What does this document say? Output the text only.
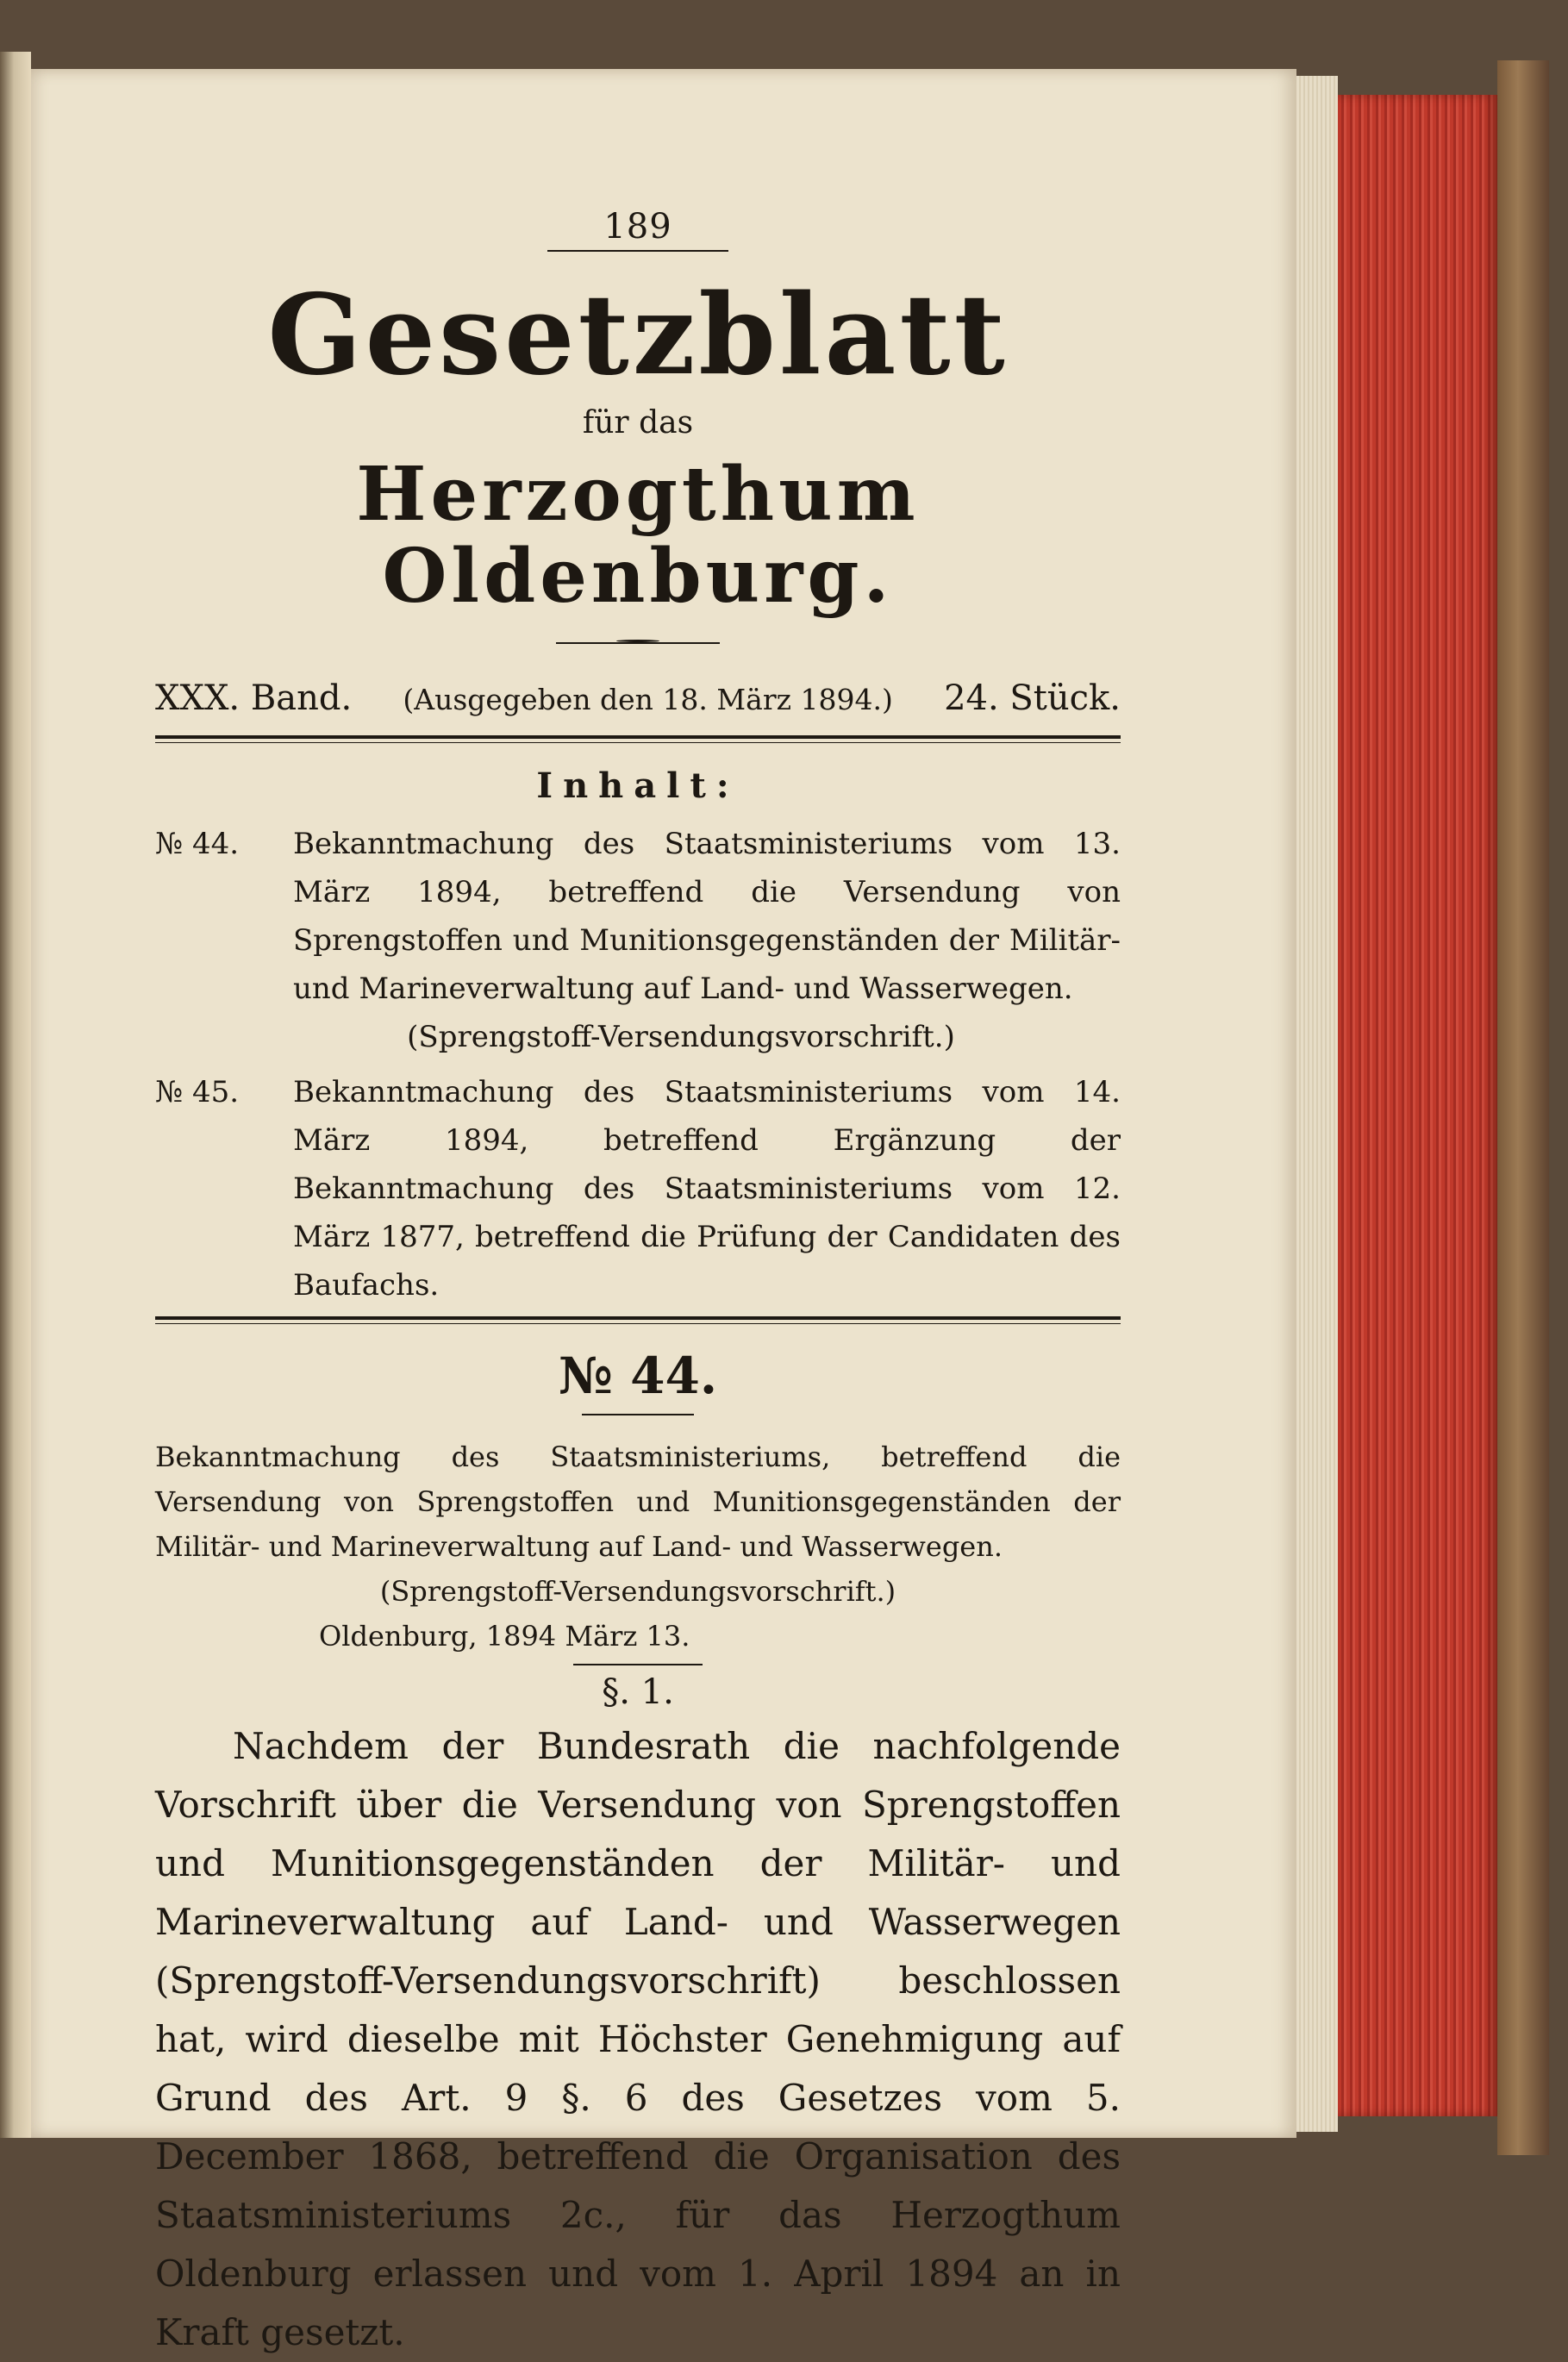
189
Gesetzblatt
für das
Herzogthum Oldenburg.
XXX. Band. (Ausgegeben den 18. März 1894.) 24. Stück.
Inhalt:
№ 44.	Bekanntmachung des Staatsministeriums vom 13. März 1894, betreffend die Versendung von Sprengstoffen und Munitionsgegenständen der Militär- und Marineverwaltung auf Land- und Wasserwegen.
(Sprengstoff-Versendungsvorschrift.)
№ 45.	Bekanntmachung des Staatsministeriums vom 14. März 1894, betreffend Ergänzung der Bekanntmachung des Staatsministeriums vom 12. März 1877, betreffend die Prüfung der Candidaten des Baufachs.
№ 44.
Bekanntmachung des Staatsministeriums, betreffend die Versendung von Sprengstoffen und Munitionsgegenständen der Militär- und Marineverwaltung auf Land- und Wasserwegen.
(Sprengstoff-Versendungsvorschrift.)
Oldenburg, 1894 März 13.
§. 1.
Nachdem der Bundesrath die nachfolgende Vorschrift über die Versendung von Sprengstoffen und Munitionsgegenständen der Militär- und Marineverwaltung auf Land- und Wasserwegen (Sprengstoff-Versendungsvorschrift) beschlossen hat, wird dieselbe mit Höchster Genehmigung auf Grund des Art. 9 §. 6 des Gesetzes vom 5. December 1868, betreffend die Organisation des Staatsministeriums 2c., für das Herzogthum Oldenburg erlassen und vom 1. April 1894 an in Kraft gesetzt.
